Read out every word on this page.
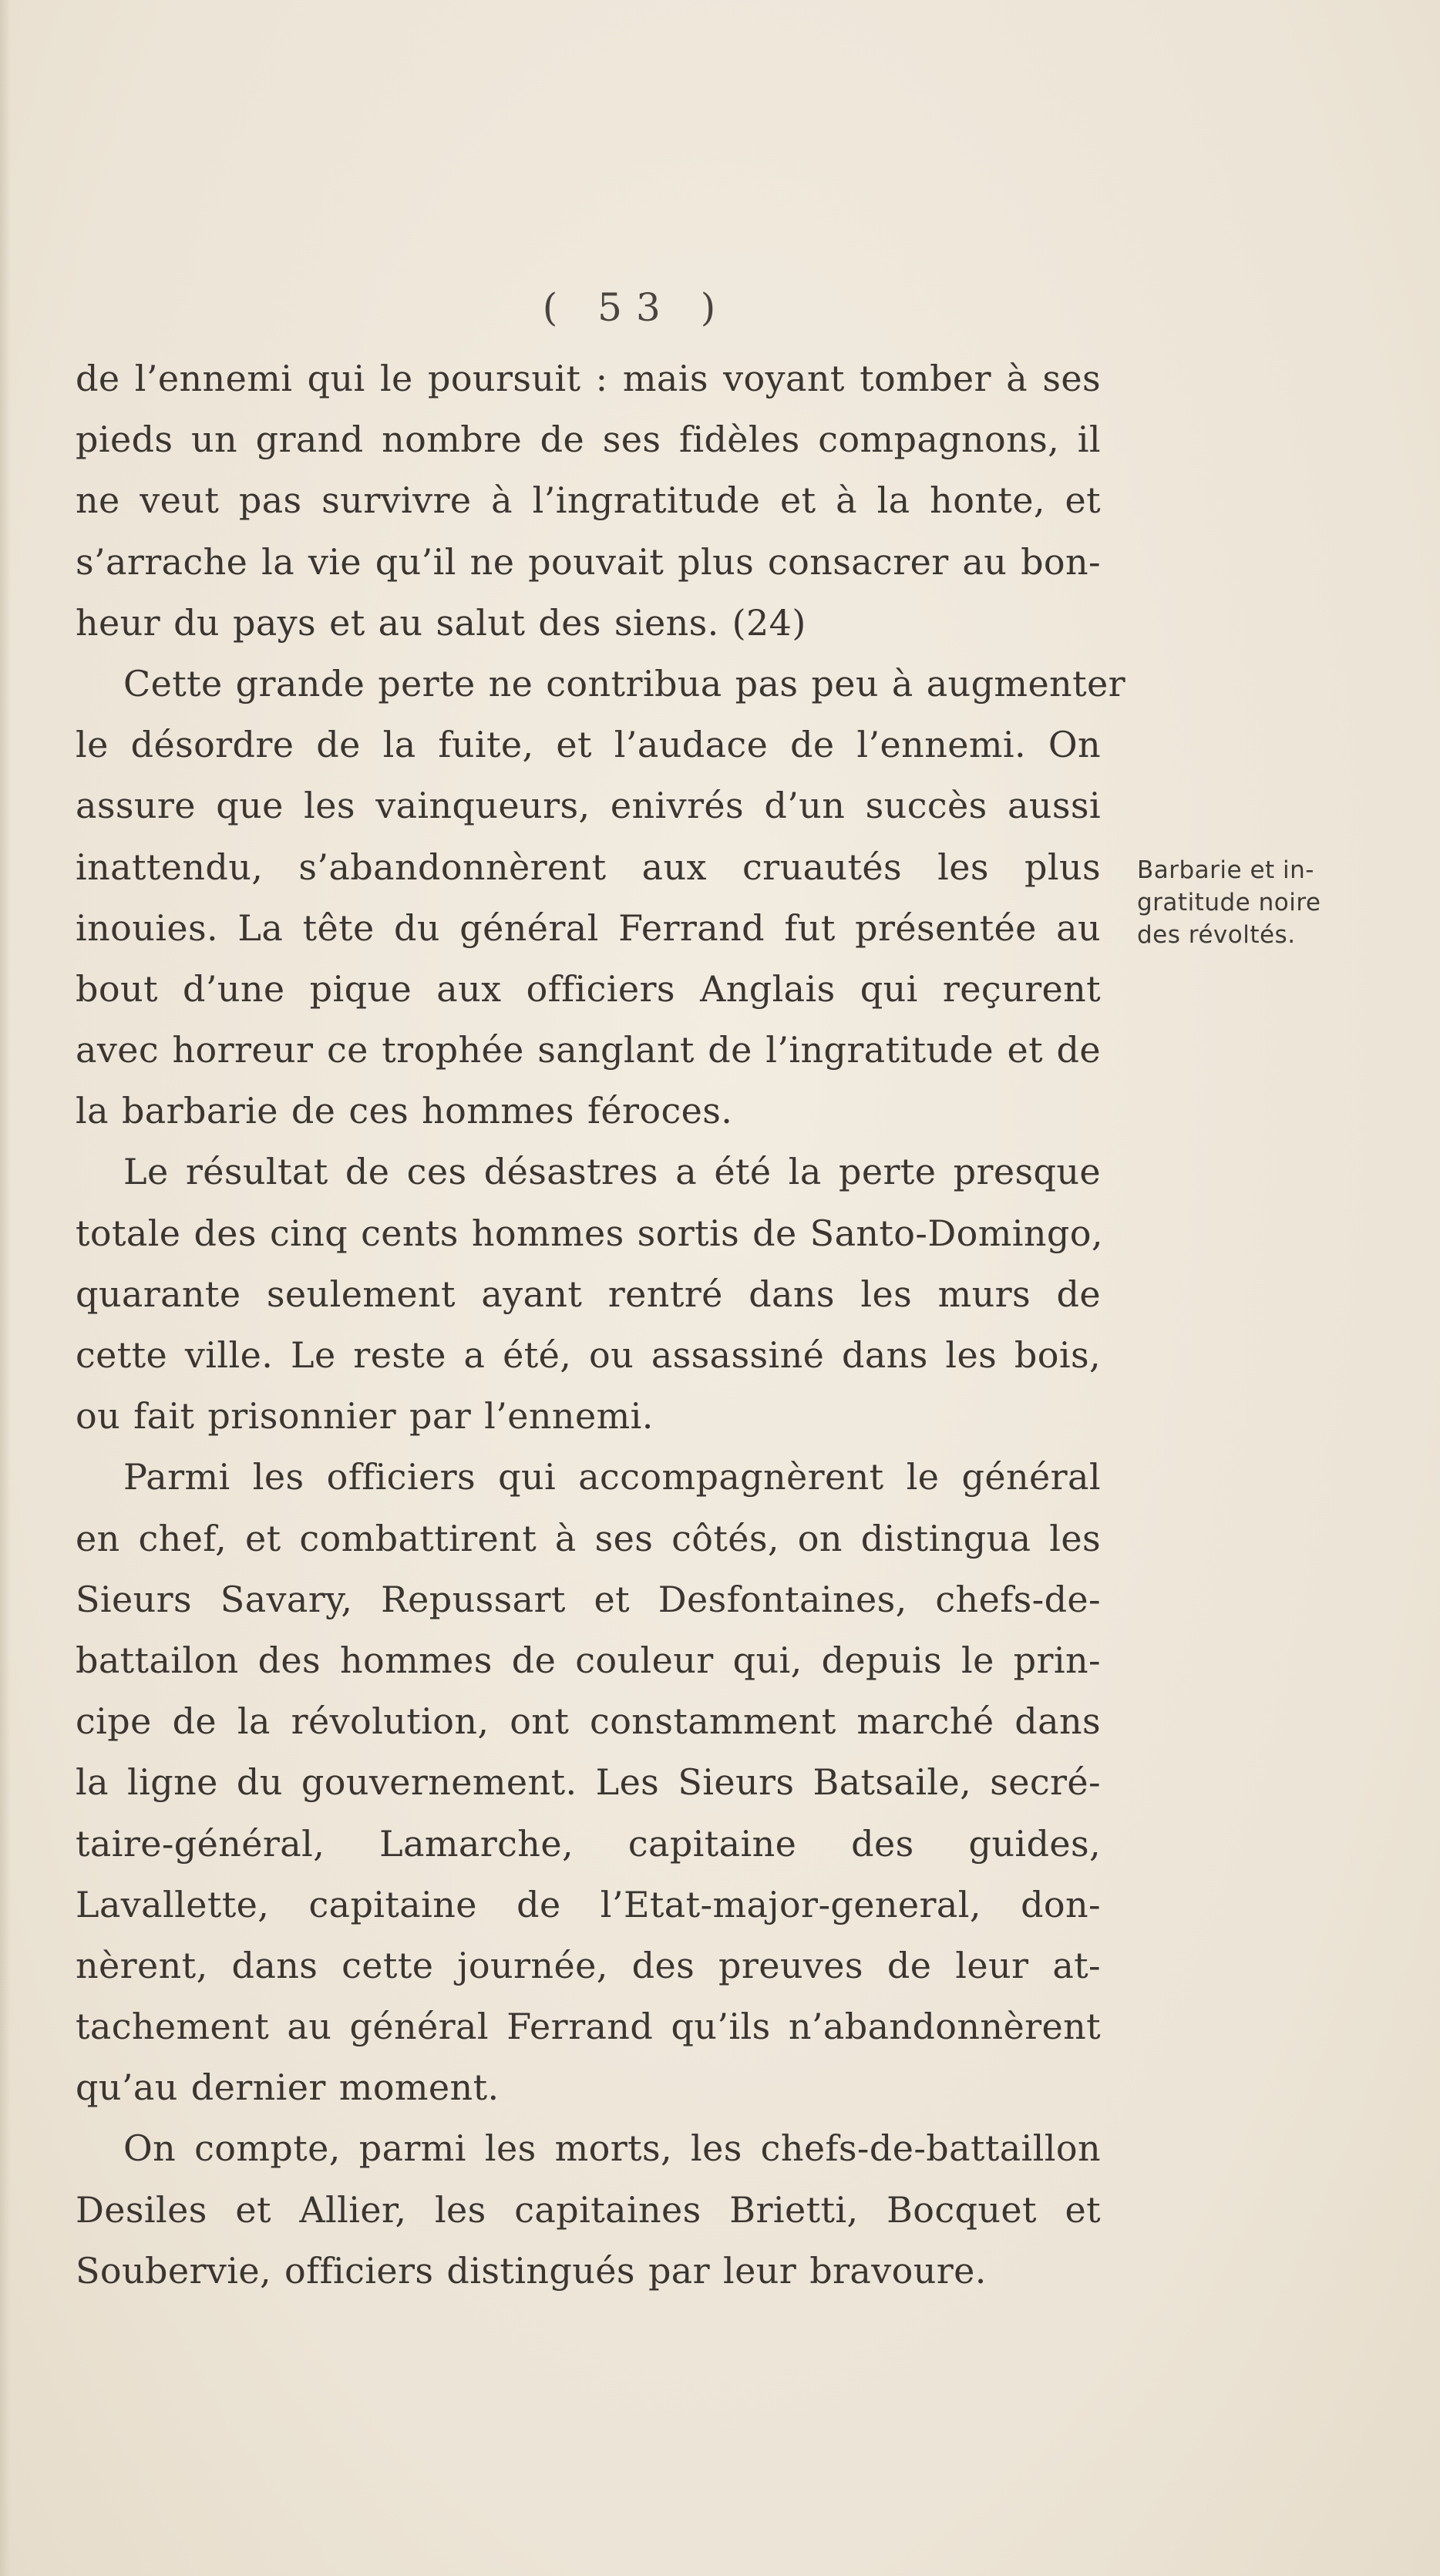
( 53 )
de l’ennemi qui le poursuit : mais voyant tomber à ses
pieds un grand nombre de ses fidèles compagnons, il
ne veut pas survivre à l’ingratitude et à la honte, et
s’arrache la vie qu’il ne pouvait plus consacrer au bon-
heur du pays et au salut des siens. (24)
Cette grande perte ne contribua pas peu à augmenter
le désordre de la fuite, et l’audace de l’ennemi. On
assure que les vainqueurs, enivrés d’un succès aussi
inattendu, s’abandonnèrent aux cruautés les plus
inouies. La tête du général Ferrand fut présentée au
bout d’une pique aux officiers Anglais qui reçurent
avec horreur ce trophée sanglant de l’ingratitude et de
la barbarie de ces hommes féroces.
Le résultat de ces désastres a été la perte presque
totale des cinq cents hommes sortis de Santo-Domingo,
quarante seulement ayant rentré dans les murs de
cette ville. Le reste a été, ou assassiné dans les bois,
ou fait prisonnier par l’ennemi.
Parmi les officiers qui accompagnèrent le général
en chef, et combattirent à ses côtés, on distingua les
Sieurs Savary, Repussart et Desfontaines, chefs-de-
battailon des hommes de couleur qui, depuis le prin-
cipe de la révolution, ont constamment marché dans
la ligne du gouvernement. Les Sieurs Batsaile, secré-
taire-général, Lamarche, capitaine des guides,
Lavallette, capitaine de l’Etat-major-general, don-
nèrent, dans cette journée, des preuves de leur at-
tachement au général Ferrand qu’ils n’abandonnèrent
qu’au dernier moment.
On compte, parmi les morts, les chefs-de-battaillon
Desiles et Allier, les capitaines Brietti, Bocquet et
Soubervie, officiers distingués par leur bravoure.
Barbarie et in-
gratitude noire
des révoltés.
